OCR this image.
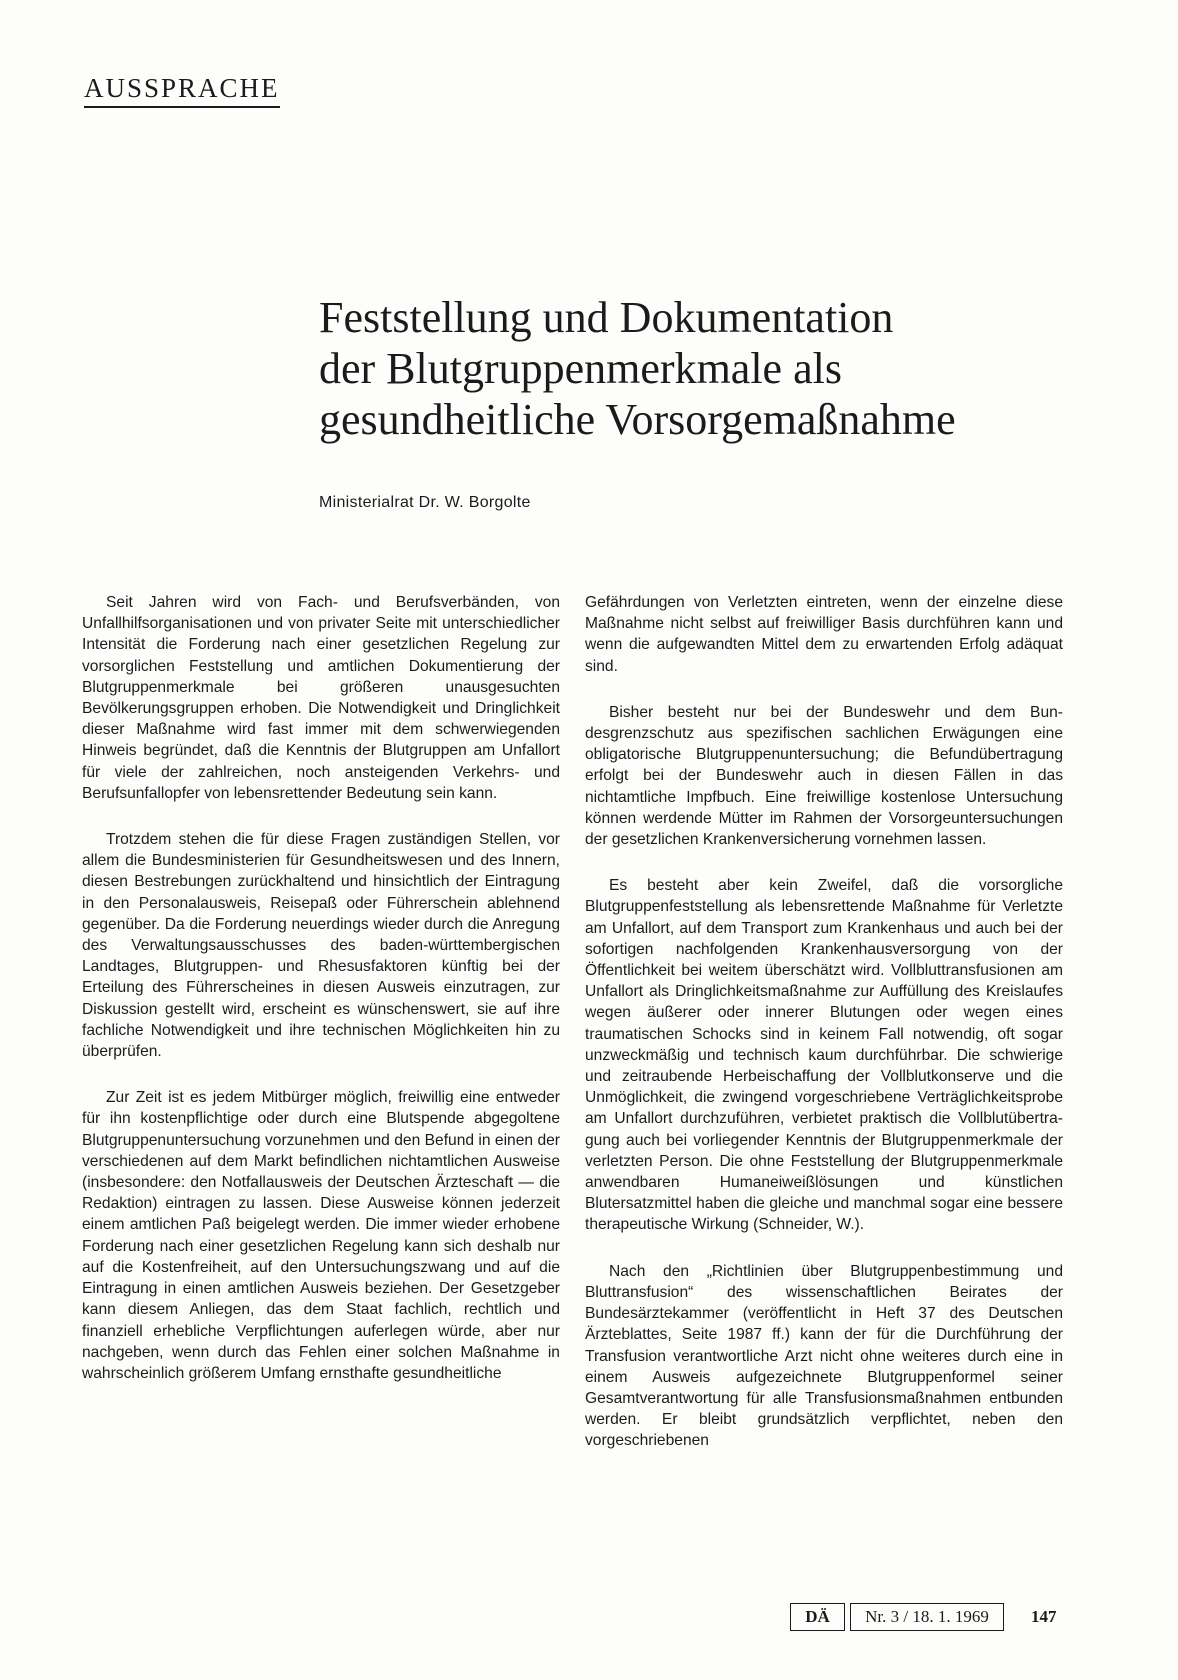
AUSSPRACHE
Feststellung und Dokumentation
der Blutgruppenmerkmale als
gesundheitliche Vorsorgemaßnahme
Ministerialrat Dr. W. Borgolte

Seit Jahren wird von Fach- und Berufsverbänden, von Unfallhilfsorganisationen und von privater Seite mit unterschiedlicher Intensität die Forderung nach einer gesetzlichen Regelung zur vorsorglichen Feststellung und amtlichen Dokumentierung der Blutgruppenmerkmale bei größeren unausgesuchten Bevölkerungsgruppen erhoben. Die Notwendigkeit und Dringlichkeit dieser Maßnahme wird fast immer mit dem schwerwiegenden Hinweis begründet, daß die Kenntnis der Blutgruppen am Unfallort für viele der zahlreichen, noch ansteigenden Verkehrs- und Berufsunfallopfer von lebensrettender Bedeutung sein kann.

Trotzdem stehen die für diese Fragen zuständigen Stellen, vor allem die Bundesministerien für Gesundheitswesen und des Innern, diesen Bestrebungen zurückhaltend und hinsichtlich der Eintragung in den Personalausweis, Reisepaß oder Führerschein ablehnend gegenüber. Da die Forderung neuerdings wieder durch die Anregung des Verwaltungsausschusses des baden-württembergischen Landtages, Blutgruppen- und Rhesusfaktoren künftig bei der Erteilung des Führerscheines in diesen Ausweis einzutragen, zur Diskussion gestellt wird, erscheint es wünschenswert, sie auf ihre fachliche Notwendigkeit und ihre technischen Möglichkeiten hin zu überprüfen.

Zur Zeit ist es jedem Mitbürger möglich, freiwillig eine entweder für ihn kostenpflichtige oder durch eine Blutspende abgegoltene Blutgruppenuntersuchung vorzunehmen und den Befund in einen der verschiedenen auf dem Markt befindlichen nichtamtlichen Ausweise (insbesondere: den Notfallausweis der Deutschen Ärzteschaft — die Redaktion) eintragen zu lassen. Diese Ausweise können jederzeit einem amtlichen Paß beigelegt werden. Die immer wieder erhobene Forderung nach einer gesetzlichen Regelung kann sich deshalb nur auf die Kostenfreiheit, auf den Untersuchungszwang und auf die Eintragung in einen amtlichen Ausweis beziehen. Der Gesetzgeber kann diesem Anliegen, das dem Staat fachlich, rechtlich und finanziell erhebliche Verpflichtungen auferlegen würde, aber nur nachgeben, wenn durch das Fehlen einer solchen Maßnahme in wahrscheinlich größerem Umfang ernsthafte gesundheitliche

Gefährdungen von Verletzten eintreten, wenn der einzelne diese Maßnahme nicht selbst auf freiwilliger Basis durchführen kann und wenn die aufgewandten Mittel dem zu erwartenden Erfolg adäquat sind.

Bisher besteht nur bei der Bundeswehr und dem Bundesgrenzschutz aus spezifischen sachlichen Erwägungen eine obligatorische Blutgruppenuntersuchung; die Befundübertragung erfolgt bei der Bundeswehr auch in diesen Fällen in das nichtamtliche Impfbuch. Eine freiwillige kostenlose Untersuchung können werdende Mütter im Rahmen der Vorsorgeuntersuchungen der gesetzlichen Krankenversicherung vornehmen lassen.

Es besteht aber kein Zweifel, daß die vorsorgliche Blutgruppenfeststellung als lebensrettende Maßnahme für Verletzte am Unfallort, auf dem Transport zum Krankenhaus und auch bei der sofortigen nachfolgenden Krankenhausversorgung von der Öffentlichkeit bei weitem überschätzt wird. Vollbluttransfusionen am Unfallort als Dringlichkeitsmaßnahme zur Auffüllung des Kreislaufes wegen äußerer oder innerer Blutungen oder wegen eines traumatischen Schocks sind in keinem Fall notwendig, oft sogar unzweckmäßig und technisch kaum durchführbar. Die schwierige und zeitraubende Herbeischaffung der Vollblutkonserve und die Unmöglichkeit, die zwingend vorgeschriebene Verträglichkeitsprobe am Unfallort durchzuführen, verbietet praktisch die Vollblutübertragung auch bei vorliegender Kenntnis der Blutgruppenmerkmale der verletzten Person. Die ohne Feststellung der Blutgruppenmerkmale anwendbaren Humaneiweißlösungen und künstlichen Blutersatzmittel haben die gleiche und manchmal sogar eine bessere therapeutische Wirkung (Schneider, W.).

Nach den „Richtlinien über Blutgruppenbestimmung und Bluttransfusion“ des wissenschaftlichen Beirates der Bundesärztekammer (veröffentlicht in Heft 37 des Deutschen Ärzteblattes, Seite 1987 ff.) kann der für die Durchführung der Transfusion verantwortliche Arzt nicht ohne weiteres durch eine in einem Ausweis aufgezeichnete Blutgruppenformel seiner Gesamtverantwortung für alle Transfusionsmaßnahmen entbunden werden. Er bleibt grundsätzlich verpflichtet, neben den vorgeschriebenen

DÄ	Nr. 3 / 18. 1. 1969	147
